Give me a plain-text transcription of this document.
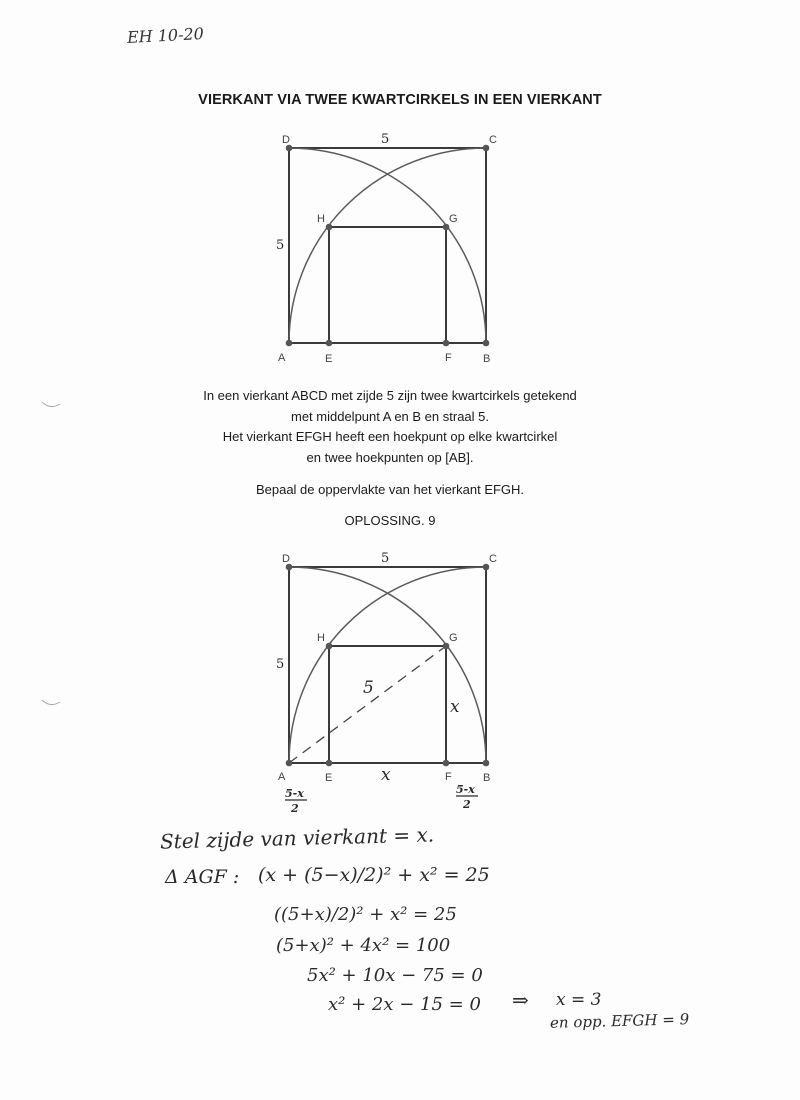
EH 10-20
VIERKANT VIA TWEE KWARTCIRKELS IN EEN VIERKANT
D	C
A	B
E	F
G
H
5
5
In een vierkant ABCD met zijde 5 zijn twee kwartcirkels getekend
met middelpunt A en B en straal 5.
Het vierkant EFGH heeft een hoekpunt op elke kwartcirkel
en twee hoekpunten op [AB].
Bepaal de oppervlakte van het vierkant EFGH.
OPLOSSING. 9
D	C
A	B
E	F
G
H
5
5
5
x
x
5-x
2
5-x
2
Stel zijde van vierkant = x.
Δ AGF : (x + (5−x)/2)² + x² = 25
((5+x)/2)² + x² = 25
(5+x)² + 4x² = 100
5x² + 10x − 75 = 0
x² + 2x − 15 = 0 ⇒ x = 3
en opp. EFGH = 9
